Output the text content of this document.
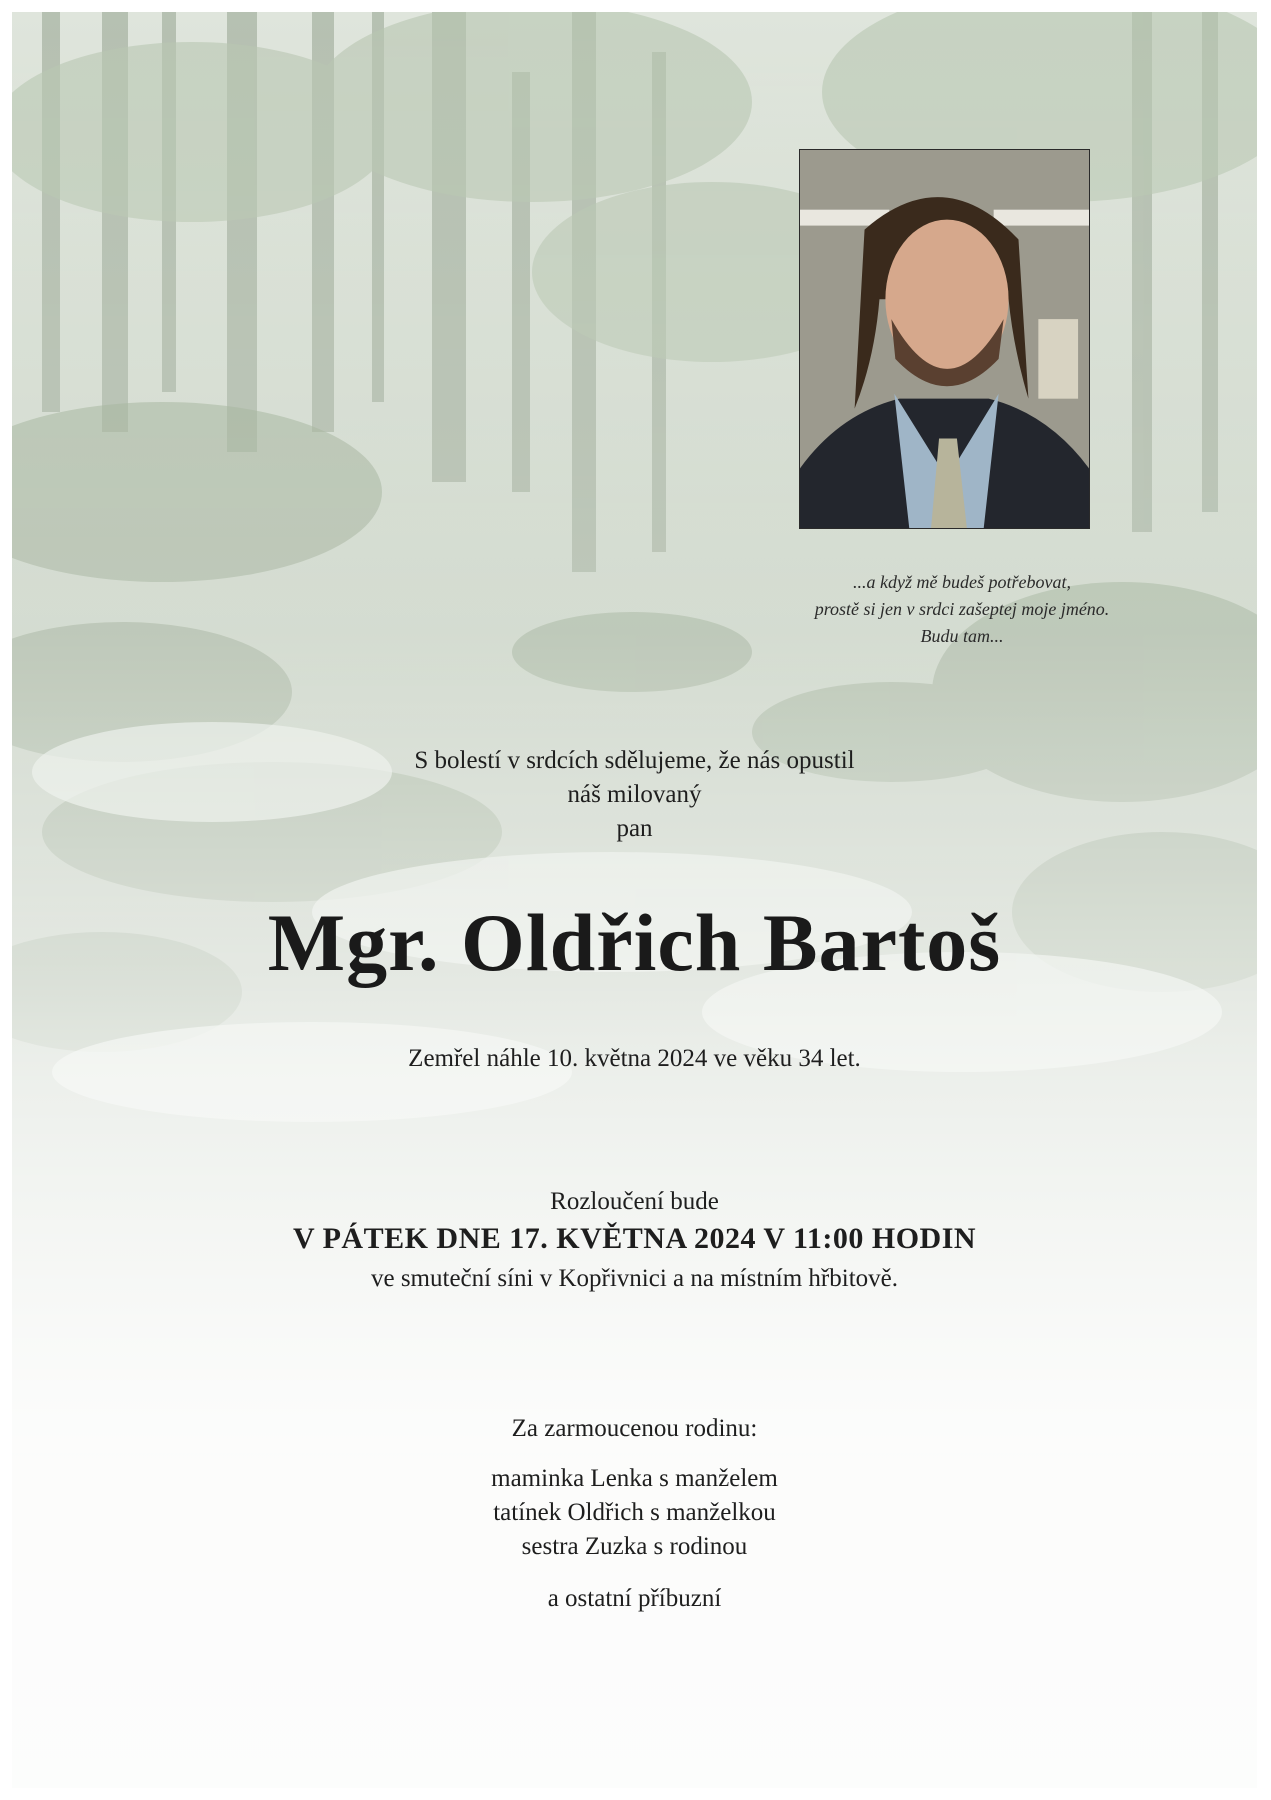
...a když mě budeš potřebovat,
prostě si jen v srdci zašeptej moje jméno.
Budu tam...
S bolestí v srdcích sdělujeme, že nás opustil
náš milovaný
pan
Mgr. Oldřich Bartoš
Zemřel náhle 10. května 2024 ve věku 34 let.
Rozloučení bude
V PÁTEK DNE 17. KVĚTNA 2024 V 11:00 HODIN
ve smuteční síni v Kopřivnici a na místním hřbitově.
Za zarmoucenou rodinu:
maminka Lenka s manželem
tatínek Oldřich s manželkou
sestra Zuzka s rodinou
a ostatní příbuzní
